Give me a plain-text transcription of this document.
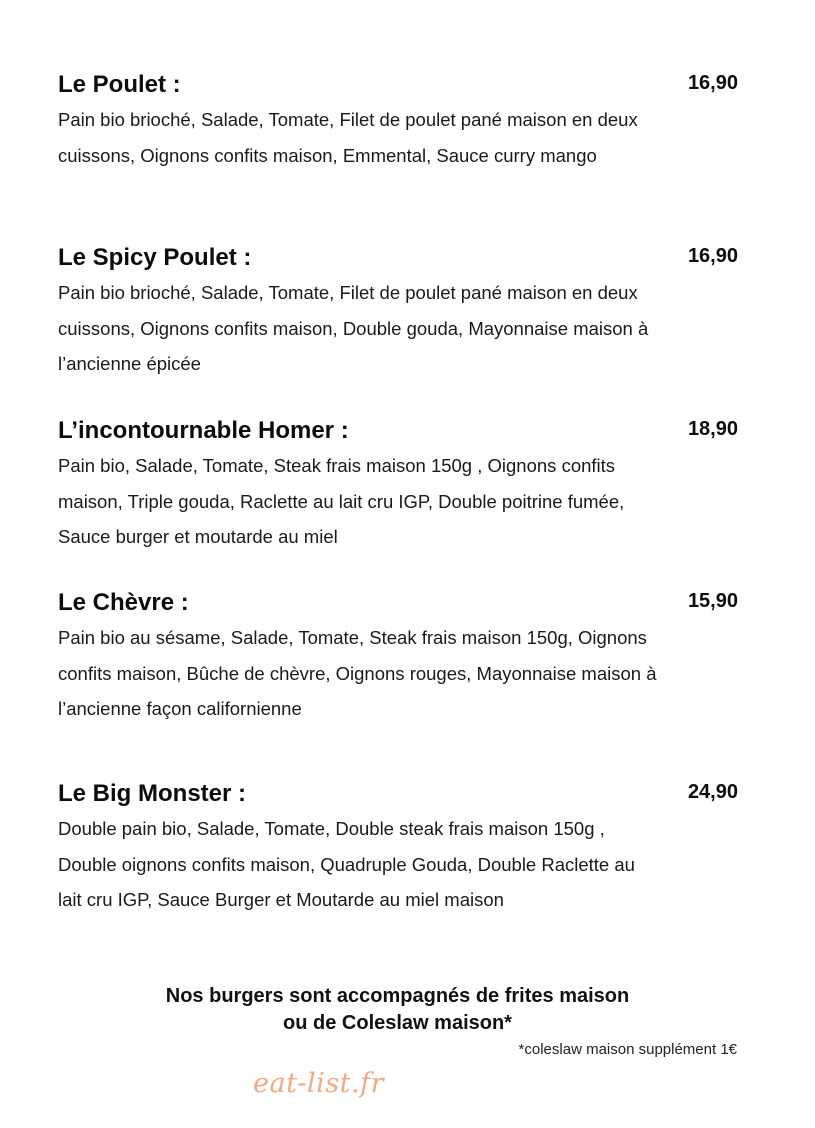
Le Poulet :	16,90

Pain bio brioché, Salade, Tomate, Filet de poulet pané maison en deux cuissons, Oignons confits maison, Emmental, Sauce curry mango

Le Spicy Poulet :	16,90

Pain bio brioché, Salade, Tomate, Filet de poulet pané maison en deux cuissons, Oignons confits maison, Double gouda, Mayonnaise maison à l’ancienne épicée

L’incontournable Homer :	18,90

Pain bio, Salade, Tomate, Steak frais maison 150g , Oignons confits maison, Triple gouda, Raclette au lait cru IGP, Double poitrine fumée, Sauce burger et moutarde au miel

Le Chèvre :	15,90

Pain bio au sésame, Salade, Tomate, Steak frais maison 150g, Oignons confits maison, Bûche de chèvre, Oignons rouges, Mayonnaise maison à l’ancienne façon californienne

Le Big Monster :	24,90

Double pain bio, Salade, Tomate, Double steak frais maison 150g , Double oignons confits maison, Quadruple Gouda, Double Raclette au lait cru IGP, Sauce Burger et Moutarde au miel maison

Nos burgers sont accompagnés de frites maison
ou de Coleslaw maison*
*coleslaw maison supplément 1€
eat-list.fr
